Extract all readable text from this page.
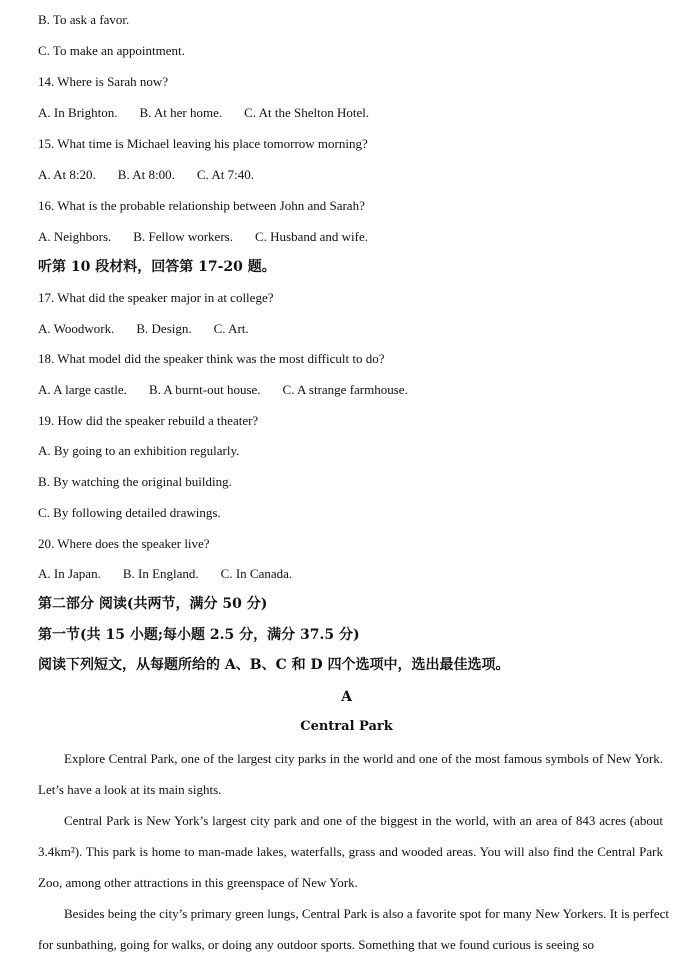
B. To ask a favor.
C. To make an appointment.
14. Where is Sarah now?
A. In Brighton. B. At her home. C. At the Shelton Hotel.
15. What time is Michael leaving his place tomorrow morning?
A. At 8:20. B. At 8:00. C. At 7:40.
16. What is the probable relationship between John and Sarah?
A. Neighbors. B. Fellow workers. C. Husband and wife.
听第 10 段材料，回答第 17-20 题。
17. What did the speaker major in at college?
A. Woodwork. B. Design. C. Art.
18. What model did the speaker think was the most difficult to do?
A. A large castle. B. A burnt-out house. C. A strange farmhouse.
19. How did the speaker rebuild a theater?
A. By going to an exhibition regularly.
B. By watching the original building.
C. By following detailed drawings.
20. Where does the speaker live?
A. In Japan. B. In England. C. In Canada.
第二部分 阅读(共两节，满分 50 分)
第一节(共 15 小题;每小题 2.5 分，满分 37.5 分)
阅读下列短文，从每题所给的 A、B、C 和 D 四个选项中，选出最佳选项。
A
Central Park
Explore Central Park, one of the largest city parks in the world and one of the most famous symbols of New York. Let’s have a look at its main sights.
Central Park is New York’s largest city park and one of the biggest in the world, with an area of 843 acres (about 3.4km²). This park is home to man-made lakes, waterfalls, grass and wooded areas. You will also find the Central Park Zoo, among other attractions in this greenspace of New York.
Besides being the city’s primary green lungs, Central Park is also a favorite spot for many New Yorkers. It is perfect for sunbathing, going for walks, or doing any outdoor sports. Something that we found curious is seeing so
